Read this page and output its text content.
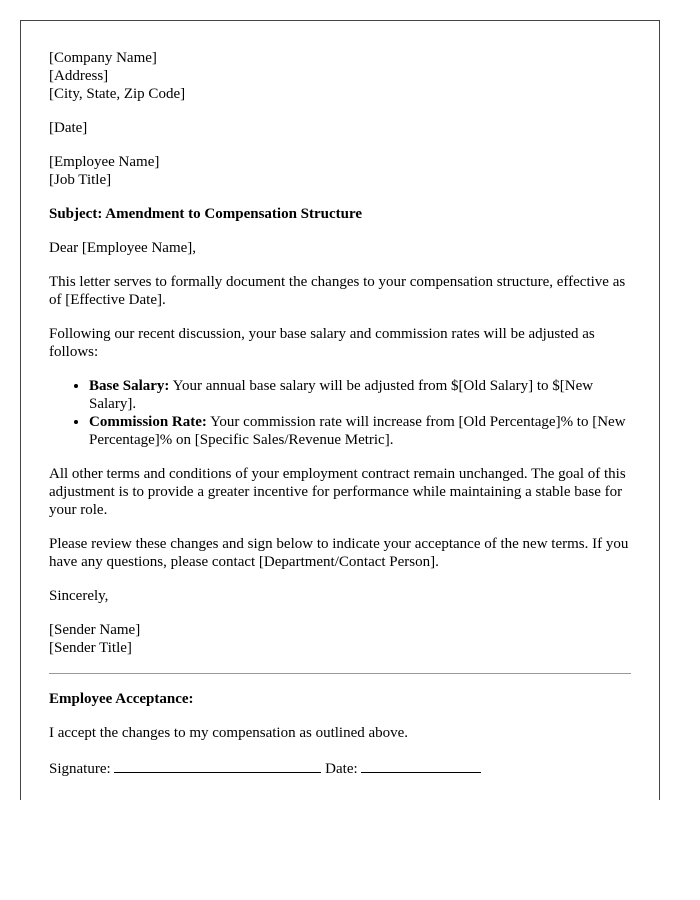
[Company Name]
[Address]
[City, State, Zip Code]
[Date]
[Employee Name]
[Job Title]
Subject: Amendment to Compensation Structure

Dear [Employee Name],

This letter serves to formally document the changes to your compensation structure, effective as of [Effective Date].

Following our recent discussion, your base salary and commission rates will be adjusted as follows:

• Base Salary: Your annual base salary will be adjusted from $[Old Salary] to $[New Salary].
• Commission Rate: Your commission rate will increase from [Old Percentage]% to [New Percentage]% on [Specific Sales/Revenue Metric].

All other terms and conditions of your employment contract remain unchanged. The goal of this adjustment is to provide a greater incentive for performance while maintaining a stable base for your role.

Please review these changes and sign below to indicate your acceptance of the new terms. If you have any questions, please contact [Department/Contact Person].

Sincerely,

[Sender Name]
[Sender Title]
Employee Acceptance:

I accept the changes to my compensation as outlined above.

Signature:	Date:
